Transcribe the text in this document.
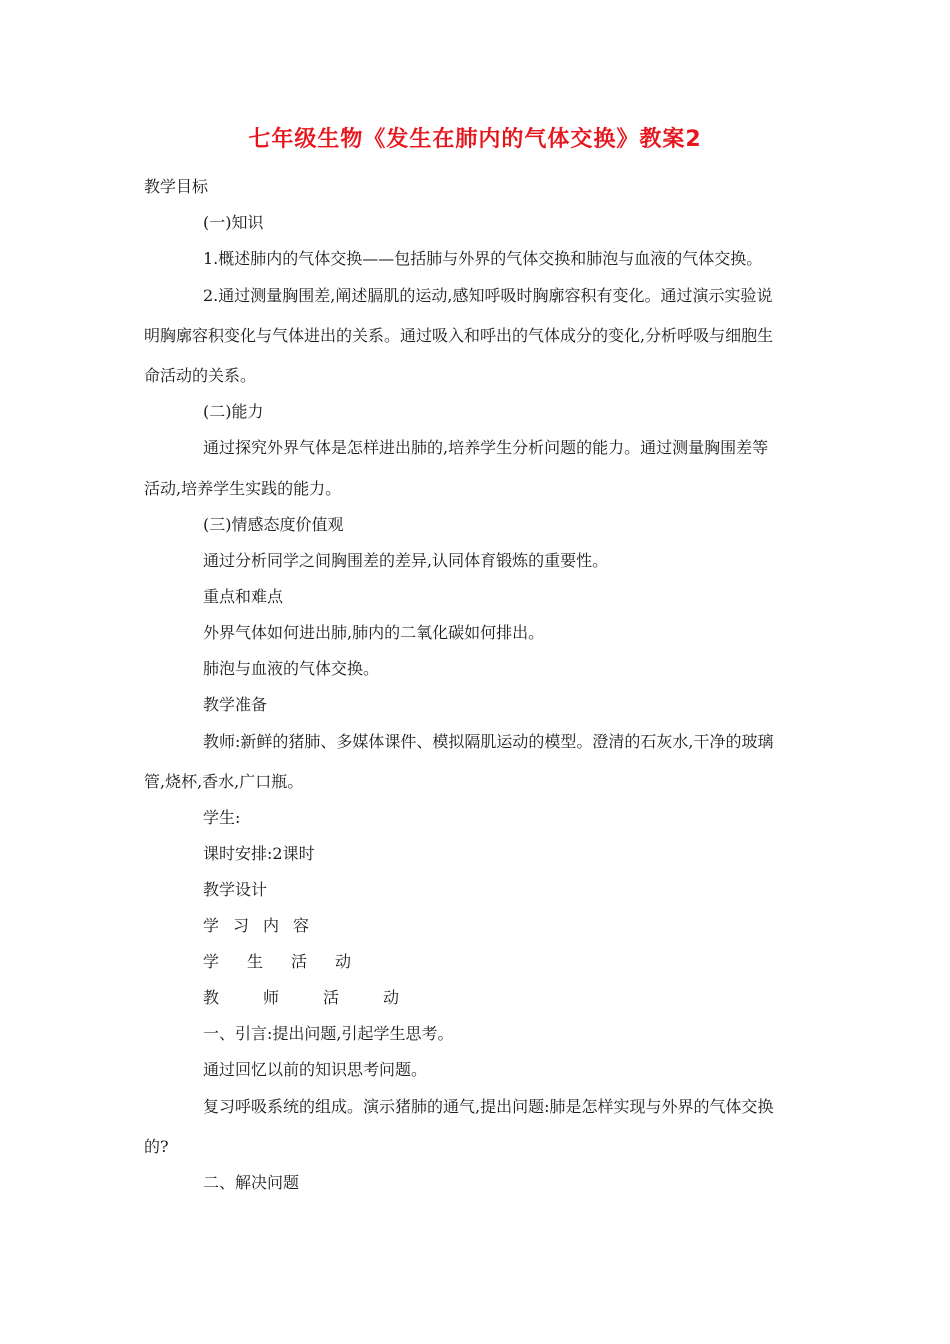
七年级生物《发生在肺内的气体交换》教案2
教学目标
(一)知识
1.概述肺内的气体交换——包括肺与外界的气体交换和肺泡与血液的气体交换。
2.通过测量胸围差,阐述膈肌的运动,感知呼吸时胸廓容积有变化。通过演示实验说
明胸廓容积变化与气体进出的关系。通过吸入和呼出的气体成分的变化,分析呼吸与细胞生
命活动的关系。
(二)能力
通过探究外界气体是怎样进出肺的,培养学生分析问题的能力。通过测量胸围差等
活动,培养学生实践的能力。
(三)情感态度价值观
通过分析同学之间胸围差的差异,认同体育锻炼的重要性。
重点和难点
外界气体如何进出肺,肺内的二氧化碳如何排出。
肺泡与血液的气体交换。
教学准备
教师:新鲜的猪肺、多媒体课件、模拟隔肌运动的模型。澄清的石灰水,干净的玻璃
管,烧杯,香水,广口瓶。
学生:
课时安排:2课时
教学设计
学习内容
学生活动
教师活动
一、引言:提出问题,引起学生思考。
通过回忆以前的知识思考问题。
复习呼吸系统的组成。演示猪肺的通气,提出问题:肺是怎样实现与外界的气体交换
的?
二、解决问题
